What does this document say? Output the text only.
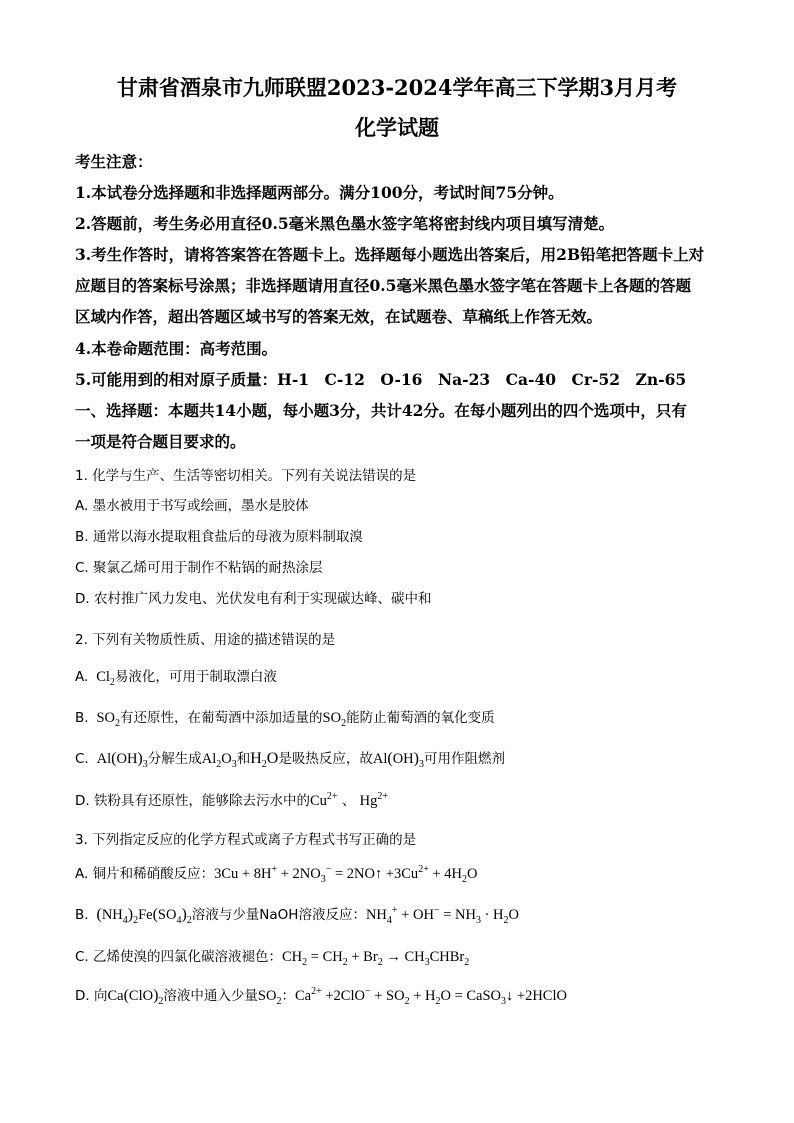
甘肃省酒泉市九师联盟2023-2024学年高三下学期3月月考
化学试题
考生注意：
1.本试卷分选择题和非选择题两部分。满分100分，考试时间75分钟。
2.答题前，考生务必用直径0.5毫米黑色墨水签字笔将密封线内项目填写清楚。
3.考生作答时，请将答案答在答题卡上。选择题每小题选出答案后，用2B铅笔把答题卡上对
应题目的答案标号涂黑；非选择题请用直径0.5毫米黑色墨水签字笔在答题卡上各题的答题
区域内作答，超出答题区域书写的答案无效，在试题卷、草稿纸上作答无效。
4.本卷命题范围：高考范围。
5.可能用到的相对原子质量：H-1　C-12　O-16　Na-23　Ca-40　Cr-52　Zn-65
一、选择题：本题共14小题，每小题3分，共计42分。在每小题列出的四个选项中，只有
一项是符合题目要求的。
1. 化学与生产、生活等密切相关。下列有关说法错误的是
A. 墨水被用于书写或绘画，墨水是胶体
B. 通常以海水提取粗食盐后的母液为原料制取溴
C. 聚氯乙烯可用于制作不粘锅的耐热涂层
D. 农村推广风力发电、光伏发电有利于实现碳达峰、碳中和
2. 下列有关物质性质、用途的描述错误的是
A.  $Cl_2$易液化，可用于制取漂白液
B.  $SO_2$有还原性，在葡萄酒中添加适量的$SO_2$能防止葡萄酒的氧化变质
C.  $Al(OH)_3$分解生成$Al_2O_3$和$H_2O$是吸热反应，故$Al(OH)_3$可用作阻燃剂
D. 铁粉具有还原性，能够除去污水中的$Cu^{2+}$ 、 $Hg^{2+}$
3. 下列指定反应的化学方程式或离子方程式书写正确的是
A. 铜片和稀硝酸反应：$3Cu + 8H^+ + 2NO_3^-$ = 2NO↑ $+3Cu^{2+} + 4H_2O$
B. $(NH_4)_2Fe(SO_4)_2$溶液与少量NaOH溶液反应：$NH_4^+ + OH^- = NH_3 \cdot H_2O$
C. 乙烯使溴的四氯化碳溶液褪色：$CH_2 = CH_2 + Br_2$ → $CH_3CHBr_2$
D. 向$Ca(ClO)_2$溶液中通入少量$SO_2$：$Ca^{2+} +2ClO^- + SO_2 + H_2O$ = CaSO$_3$↓ +2HClO
